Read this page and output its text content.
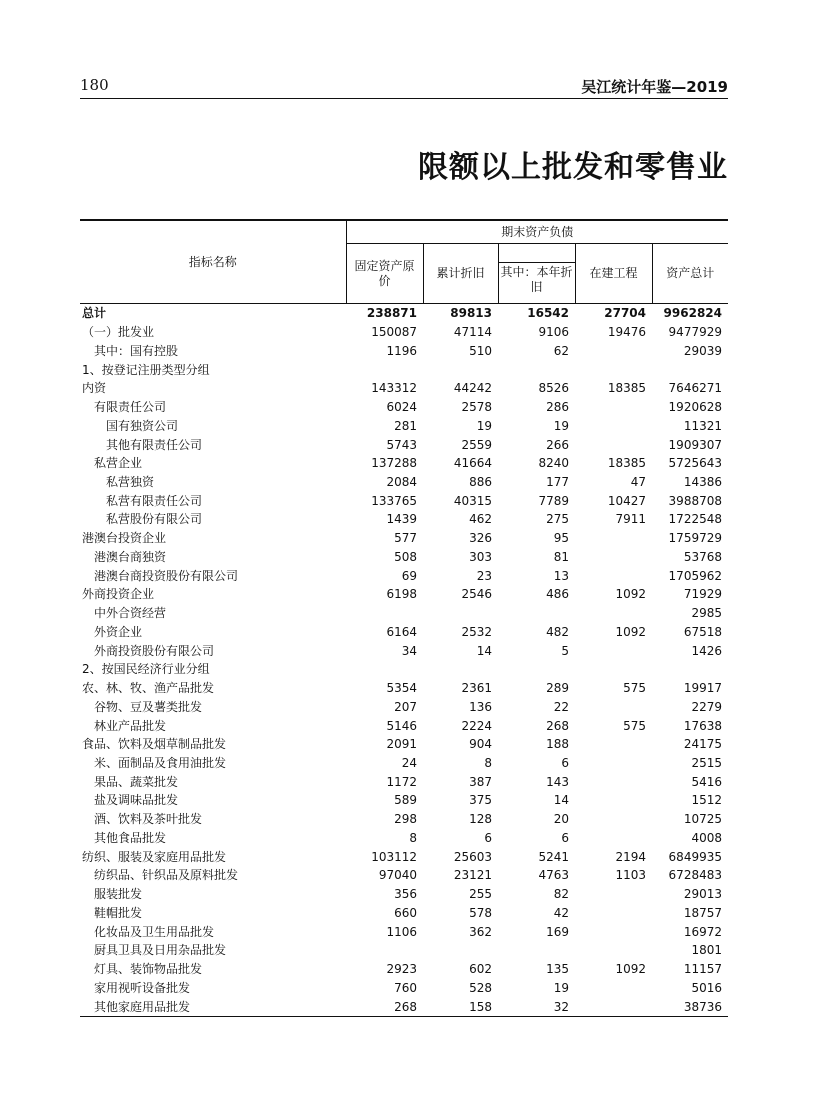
180	吴江统计年鉴—2019
限额以上批发和零售业
指标名称	期末资产负债				
	固定资产原价	累计折旧	其中：本年折旧	在建工程	资产总计
总计	238871	89813	16542	27704	9962824
（一）批发业	150087	47114	9106	19476	9477929
其中：国有控股	1196	510	62		29039
1、按登记注册类型分组					
内资	143312	44242	8526	18385	7646271
有限责任公司	6024	2578	286		1920628
国有独资公司	281	19	19		11321
其他有限责任公司	5743	2559	266		1909307
私营企业	137288	41664	8240	18385	5725643
私营独资	2084	886	177	47	14386
私营有限责任公司	133765	40315	7789	10427	3988708
私营股份有限公司	1439	462	275	7911	1722548
港澳台投资企业	577	326	95		1759729
港澳台商独资	508	303	81		53768
港澳台商投资股份有限公司	69	23	13		1705962
外商投资企业	6198	2546	486	1092	71929
中外合资经营					2985
外资企业	6164	2532	482	1092	67518
外商投资股份有限公司	34	14	5		1426
2、按国民经济行业分组					
农、林、牧、渔产品批发	5354	2361	289	575	19917
谷物、豆及薯类批发	207	136	22		2279
林业产品批发	5146	2224	268	575	17638
食品、饮料及烟草制品批发	2091	904	188		24175
米、面制品及食用油批发	24	8	6		2515
果品、蔬菜批发	1172	387	143		5416
盐及调味品批发	589	375	14		1512
酒、饮料及茶叶批发	298	128	20		10725
其他食品批发	8	6	6		4008
纺织、服装及家庭用品批发	103112	25603	5241	2194	6849935
纺织品、针织品及原料批发	97040	23121	4763	1103	6728483
服装批发	356	255	82		29013
鞋帽批发	660	578	42		18757
化妆品及卫生用品批发	1106	362	169		16972
厨具卫具及日用杂品批发					1801
灯具、装饰物品批发	2923	602	135	1092	11157
家用视听设备批发	760	528	19		5016
其他家庭用品批发	268	158	32		38736
